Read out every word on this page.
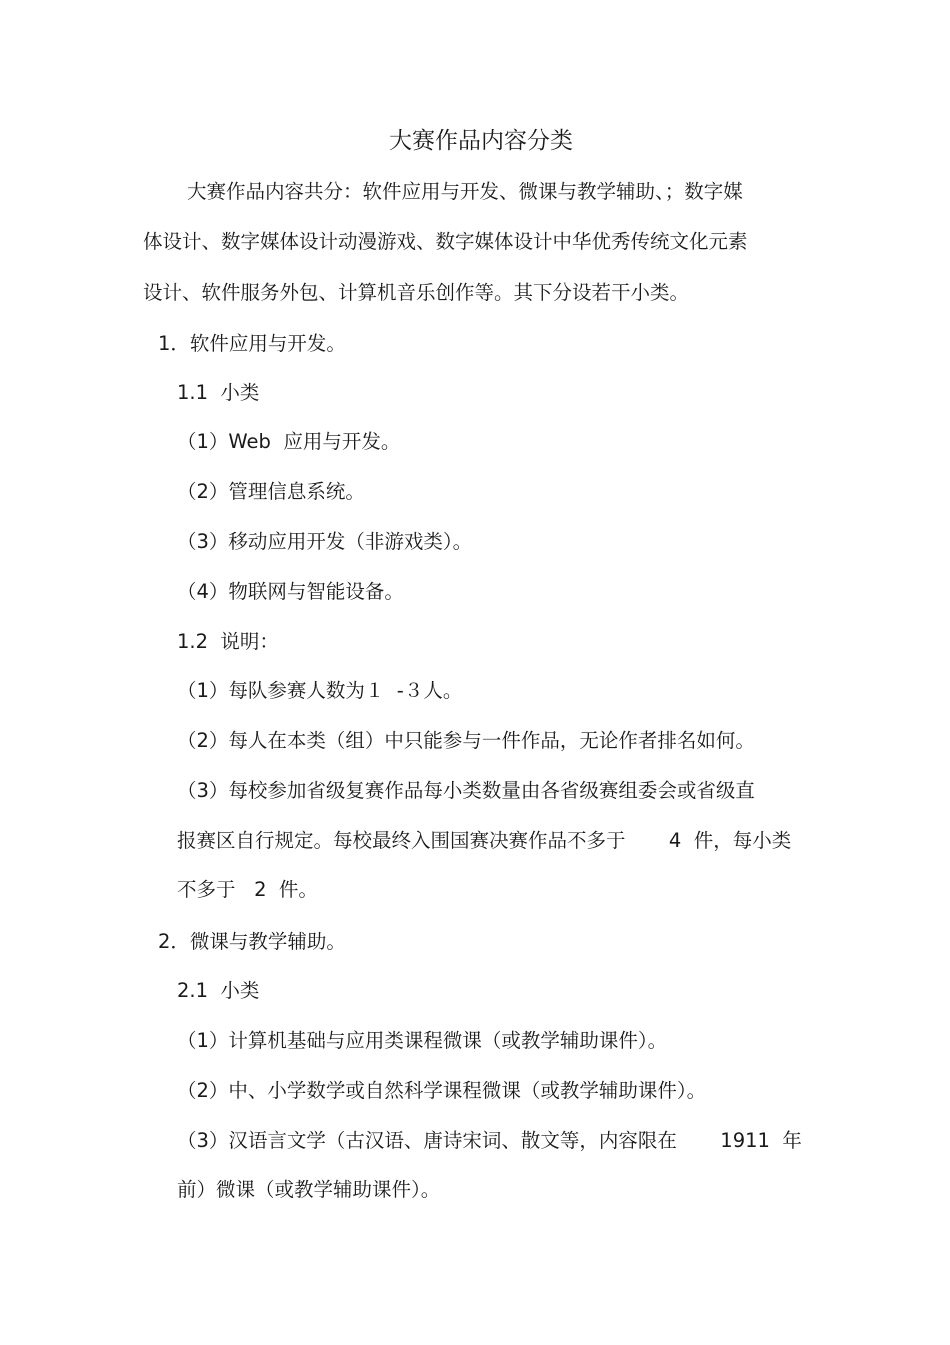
大赛作品内容分类
大赛作品内容共分：软件应用与开发、微课与教学辅助、；数字媒
体设计、数字媒体设计动漫游戏、数字媒体设计中华优秀传统文化元素
设计、软件服务外包、计算机音乐创作等。其下分设若干小类。
1．软件应用与开发。
1.1  小类
（1）Web  应用与开发。
（2）管理信息系统。
（3）移动应用开发（非游戏类）。
（4）物联网与智能设备。
1.2  说明：
（1）每队参赛人数为１  -３人。
（2）每人在本类（组）中只能参与一件作品，无论作者排名如何。
（3）每校参加省级复赛作品每小类数量由各省级赛组委会或省级直
报赛区自行规定。每校最终入围国赛决赛作品不多于       4  件，每小类
不多于   2  件。
2．微课与教学辅助。
2.1  小类
（1）计算机基础与应用类课程微课（或教学辅助课件）。
（2）中、小学数学或自然科学课程微课（或教学辅助课件）。
（3）汉语言文学（古汉语、唐诗宋词、散文等，内容限在       1911  年
前）微课（或教学辅助课件）。
